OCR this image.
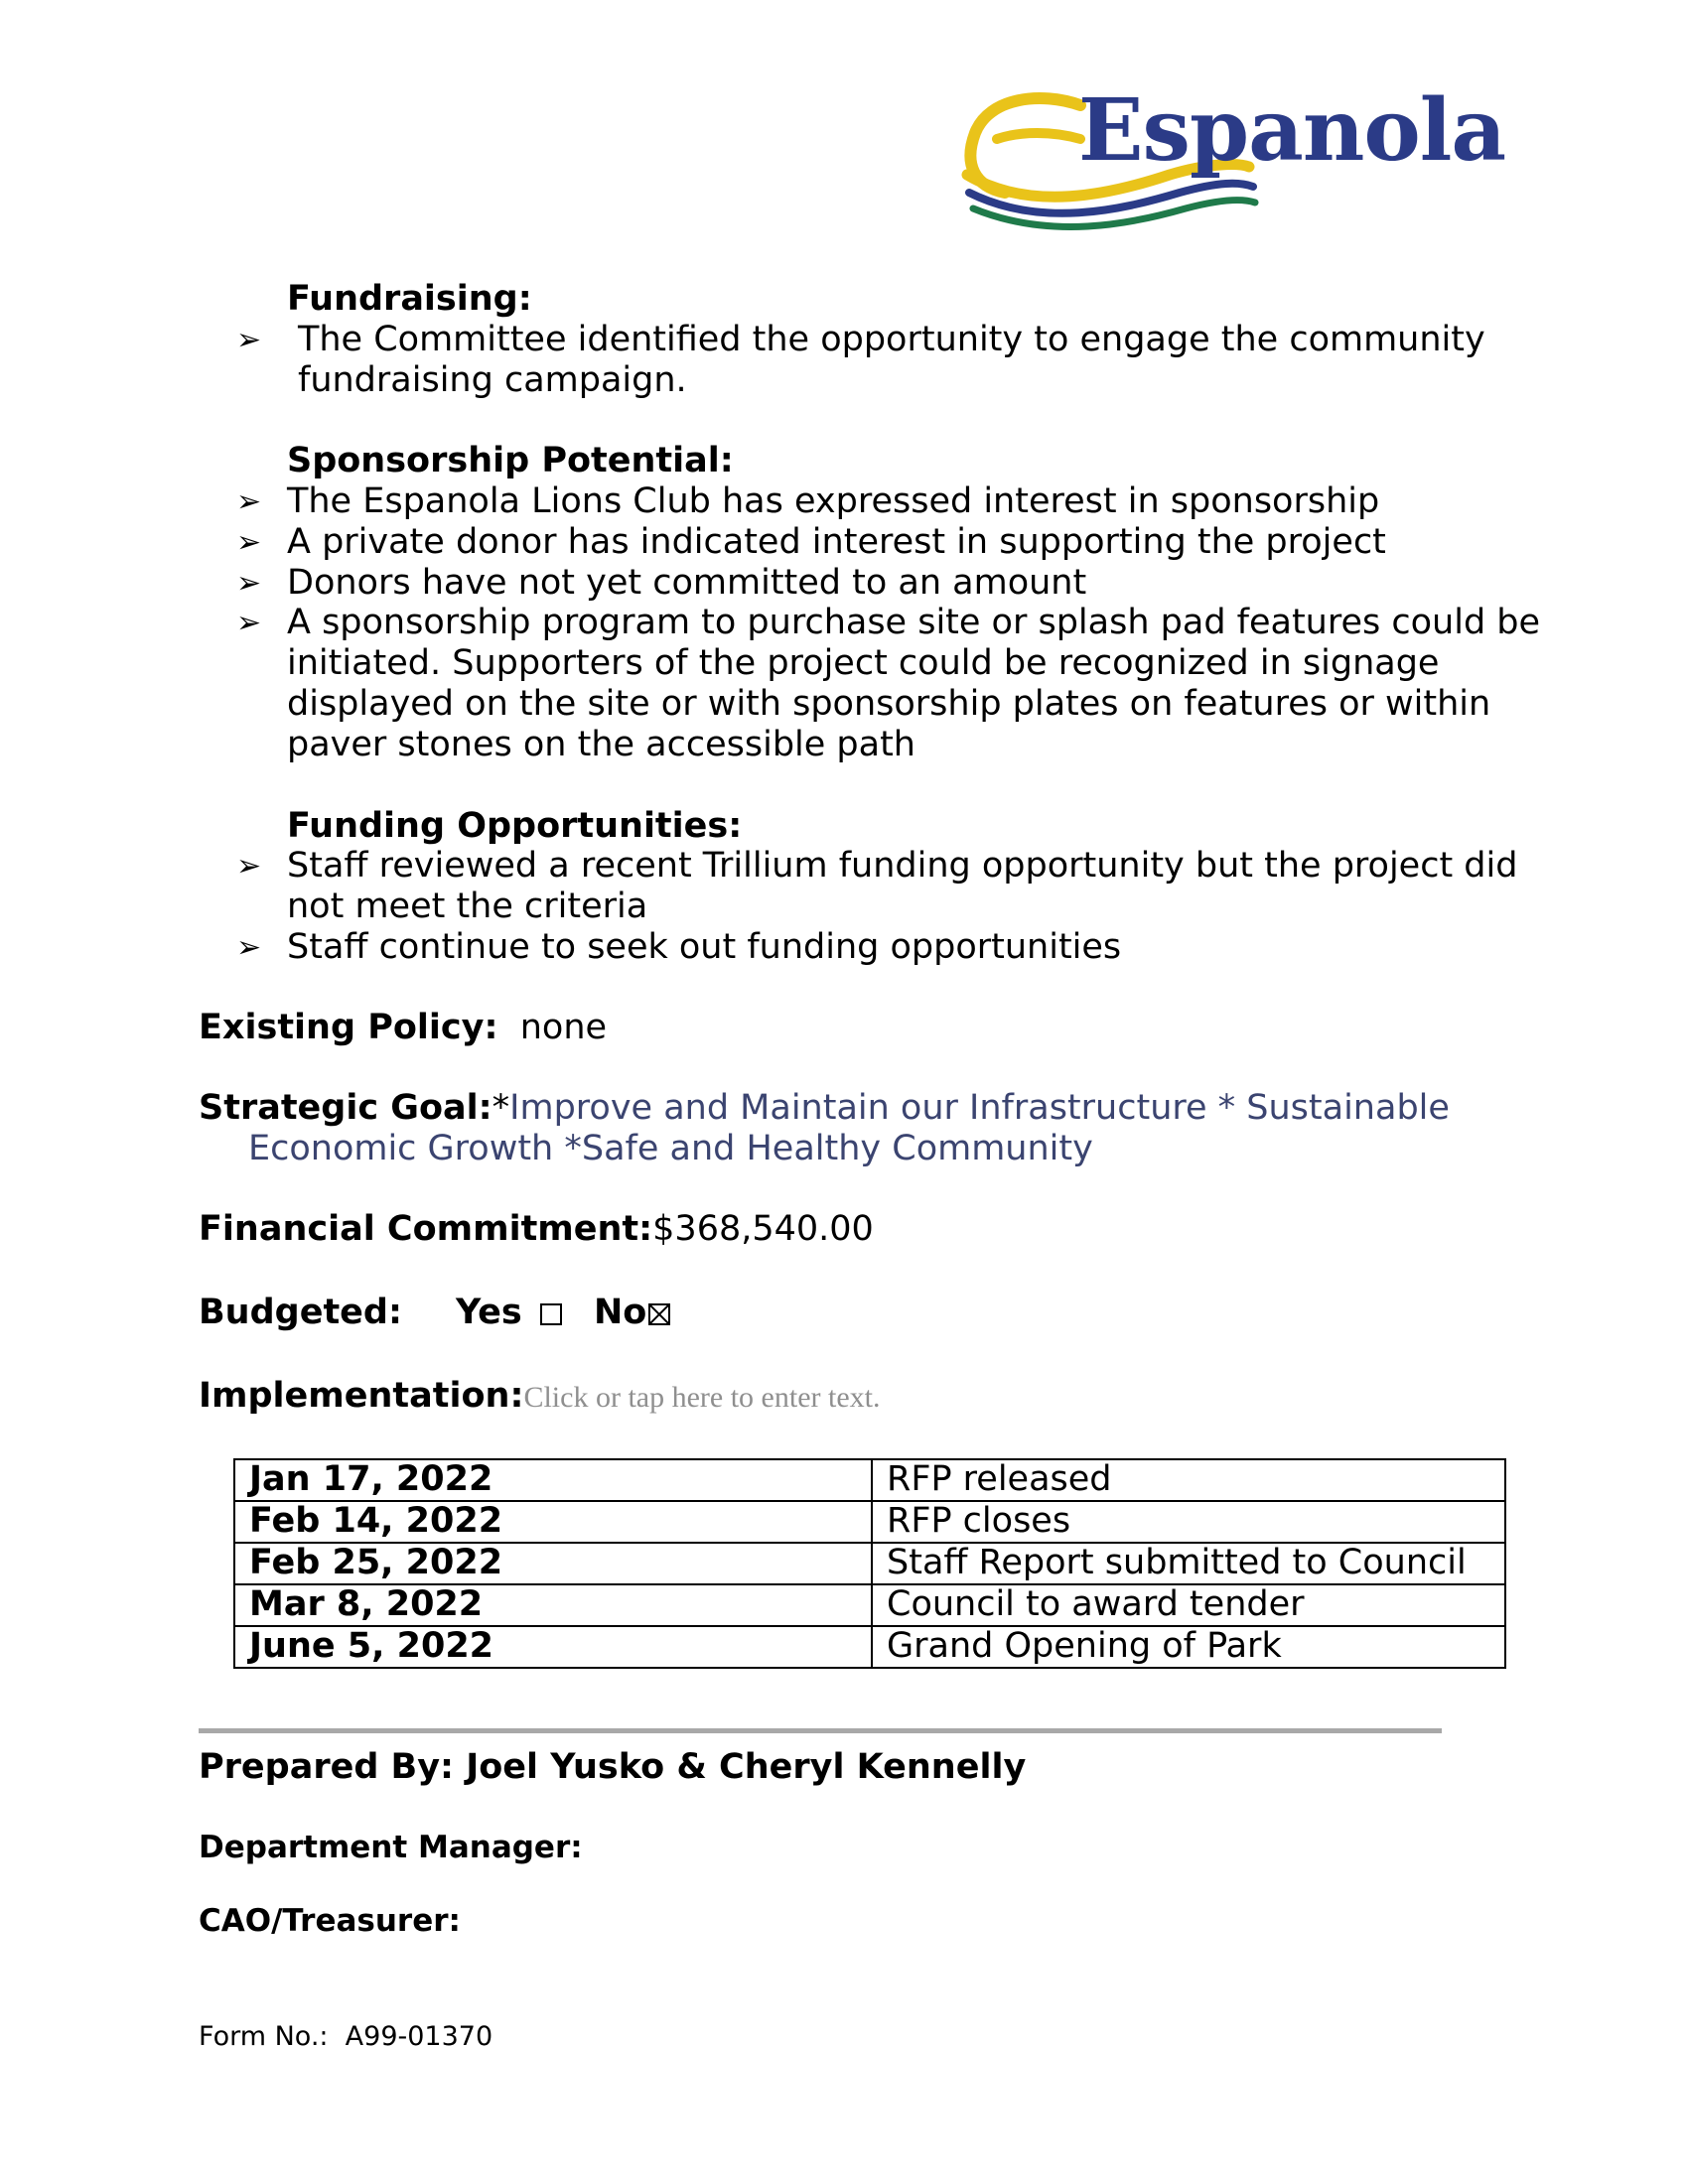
Espanola
Fundraising:
➢ The Committee identified the opportunity to engage the community
fundraising campaign.
Sponsorship Potential:
➢ The Espanola Lions Club has expressed interest in sponsorship
➢ A private donor has indicated interest in supporting the project
➢ Donors have not yet committed to an amount
➢ A sponsorship program to purchase site or splash pad features could be
initiated. Supporters of the project could be recognized in signage
displayed on the site or with sponsorship plates on features or within
paver stones on the accessible path
Funding Opportunities:
➢ Staff reviewed a recent Trillium funding opportunity but the project did
not meet the criteria
➢ Staff continue to seek out funding opportunities
Existing Policy: none
Strategic Goal:*Improve and Maintain our Infrastructure * Sustainable
Economic Growth *Safe and Healthy Community
Financial Commitment:$368,540.00
Budgeted: Yes	No
Implementation:Click or tap here to enter text.
Jan 17, 2022	RFP released
Feb 14, 2022	RFP closes
Feb 25, 2022	Staff Report submitted to Council
Mar 8, 2022	Council to award tender
June 5, 2022	Grand Opening of Park
Prepared By: Joel Yusko & Cheryl Kennelly
Department Manager:
CAO/Treasurer:
Form No.:  A99-01370
